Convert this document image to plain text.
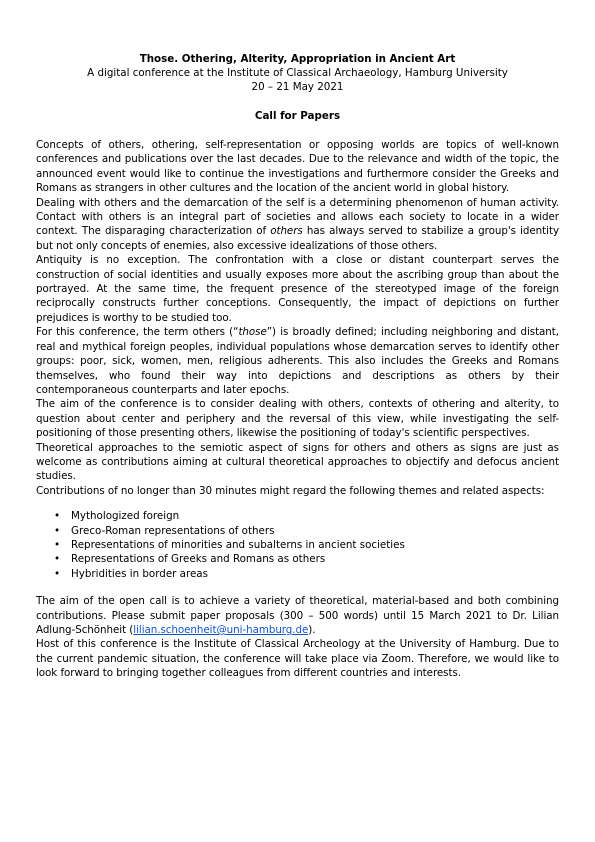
Those. Othering, Alterity, Appropriation in Ancient Art
A digital conference at the Institute of Classical Archaeology, Hamburg University
20 – 21 May 2021
Call for Papers

Concepts of others, othering, self-representation or opposing worlds are topics of well-known conferences and publications over the last decades. Due to the relevance and width of the topic, the announced event would like to continue the investigations and furthermore consider the Greeks and Romans as strangers in other cultures and the location of the ancient world in global history.

Dealing with others and the demarcation of the self is a determining phenomenon of human activity. Contact with others is an integral part of societies and allows each society to locate in a wider context. The disparaging characterization of others has always served to stabilize a group's identity but not only concepts of enemies, also excessive idealizations of those others.

Antiquity is no exception. The confrontation with a close or distant counterpart serves the construction of social identities and usually exposes more about the ascribing group than about the portrayed. At the same time, the frequent presence of the stereotyped image of the foreign reciprocally constructs further conceptions. Consequently, the impact of depictions on further prejudices is worthy to be studied too.

For this conference, the term others (“those”) is broadly defined; including neighboring and distant, real and mythical foreign peoples, individual populations whose demarcation serves to identify other groups: poor, sick, women, men, religious adherents. This also includes the Greeks and Romans themselves, who found their way into depictions and descriptions as others by their contemporaneous counterparts and later epochs.

The aim of the conference is to consider dealing with others, contexts of othering and alterity, to question about center and periphery and the reversal of this view, while investigating the self-positioning of those presenting others, likewise the positioning of today's scientific perspectives.

Theoretical approaches to the semiotic aspect of signs for others and others as signs are just as welcome as contributions aiming at cultural theoretical approaches to objectify and defocus ancient studies.

Contributions of no longer than 30 minutes might regard the following themes and related aspects:

• Mythologized foreign
• Greco-Roman representations of others
• Representations of minorities and subalterns in ancient societies
• Representations of Greeks and Romans as others
• Hybridities in border areas

The aim of the open call is to achieve a variety of theoretical, material-based and both combining contributions. Please submit paper proposals (300 – 500 words) until 15 March 2021 to Dr. Lilian Adlung-Schönheit (lilian.schoenheit@uni-hamburg.de).

Host of this conference is the Institute of Classical Archeology at the University of Hamburg. Due to the current pandemic situation, the conference will take place via Zoom. Therefore, we would like to look forward to bringing together colleagues from different countries and interests.
